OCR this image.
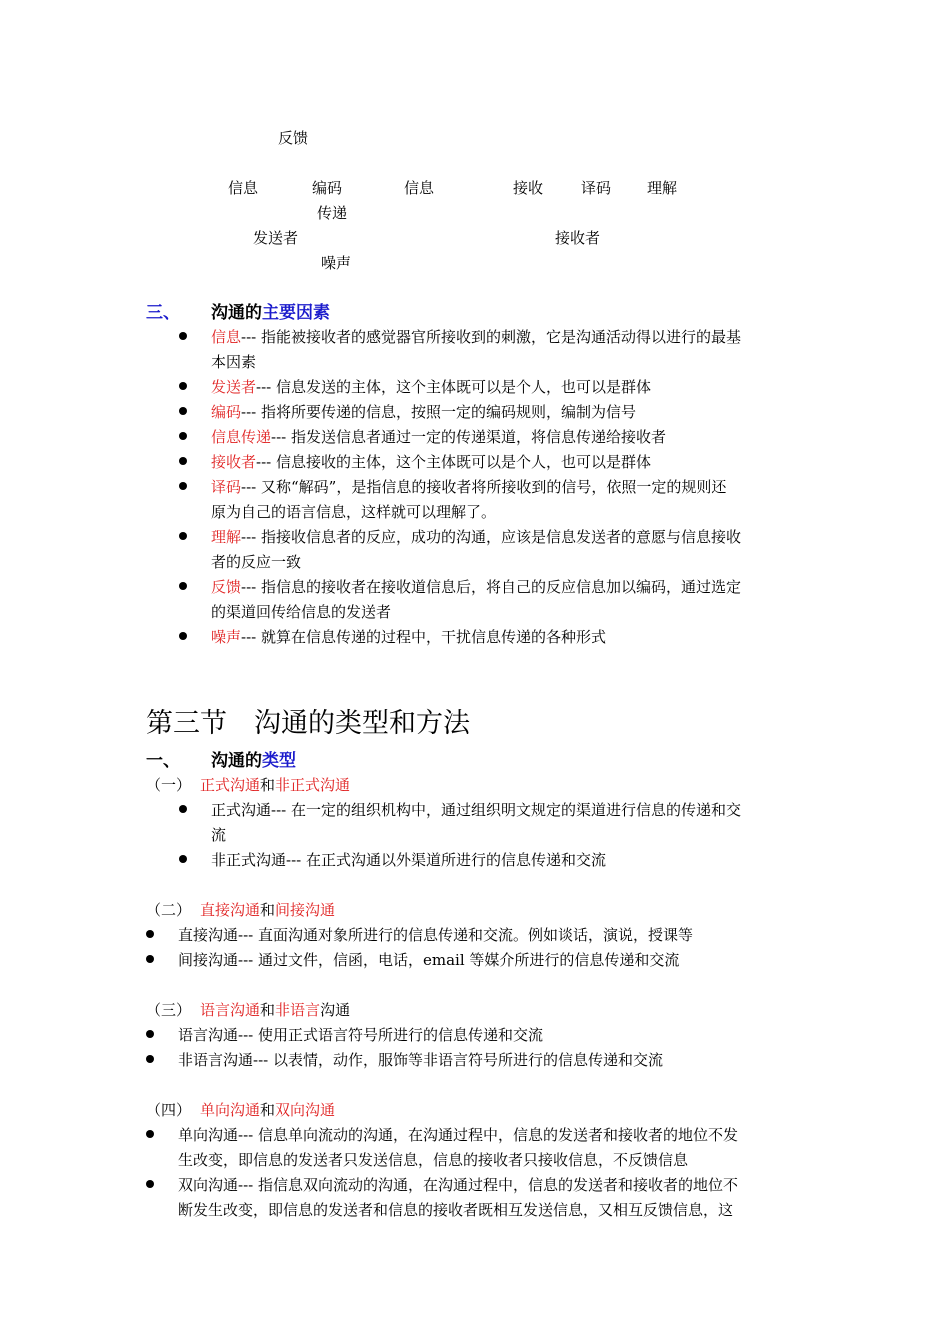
反馈
信息	编码	信息	接收	译码 理解
传递
发送者	接收者
噪声
三、 沟通的主要因素
信息--- 指能被接收者的感觉器官所接收到的刺激，它是沟通活动得以进行的最基
本因素
发送者--- 信息发送的主体，这个主体既可以是个人，也可以是群体
编码--- 指将所要传递的信息，按照一定的编码规则，编制为信号
信息传递--- 指发送信息者通过一定的传递渠道，将信息传递给接收者
接收者--- 信息接收的主体，这个主体既可以是个人，也可以是群体
译码--- 又称“解码”，是指信息的接收者将所接收到的信号，依照一定的规则还
原为自己的语言信息，这样就可以理解了。
理解--- 指接收信息者的反应，成功的沟通，应该是信息发送者的意愿与信息接收
者的反应一致
反馈--- 指信息的接收者在接收道信息后，将自己的反应信息加以编码，通过选定
的渠道回传给信息的发送者
噪声--- 就算在信息传递的过程中，干扰信息传递的各种形式
第三节　沟通的类型和方法
一、 沟通的类型
（一） 正式沟通和非正式沟通
正式沟通--- 在一定的组织机构中，通过组织明文规定的渠道进行信息的传递和交
流
非正式沟通--- 在正式沟通以外渠道所进行的信息传递和交流
（二） 直接沟通和间接沟通
直接沟通--- 直面沟通对象所进行的信息传递和交流。例如谈话，演说，授课等
间接沟通--- 通过文件，信函，电话，email 等媒介所进行的信息传递和交流
（三） 语言沟通和非语言沟通
语言沟通--- 使用正式语言符号所进行的信息传递和交流
非语言沟通--- 以表情，动作，服饰等非语言符号所进行的信息传递和交流
（四） 单向沟通和双向沟通
单向沟通--- 信息单向流动的沟通，在沟通过程中，信息的发送者和接收者的地位不发
生改变，即信息的发送者只发送信息，信息的接收者只接收信息，不反馈信息
双向沟通--- 指信息双向流动的沟通，在沟通过程中，信息的发送者和接收者的地位不
断发生改变，即信息的发送者和信息的接收者既相互发送信息，又相互反馈信息，这
